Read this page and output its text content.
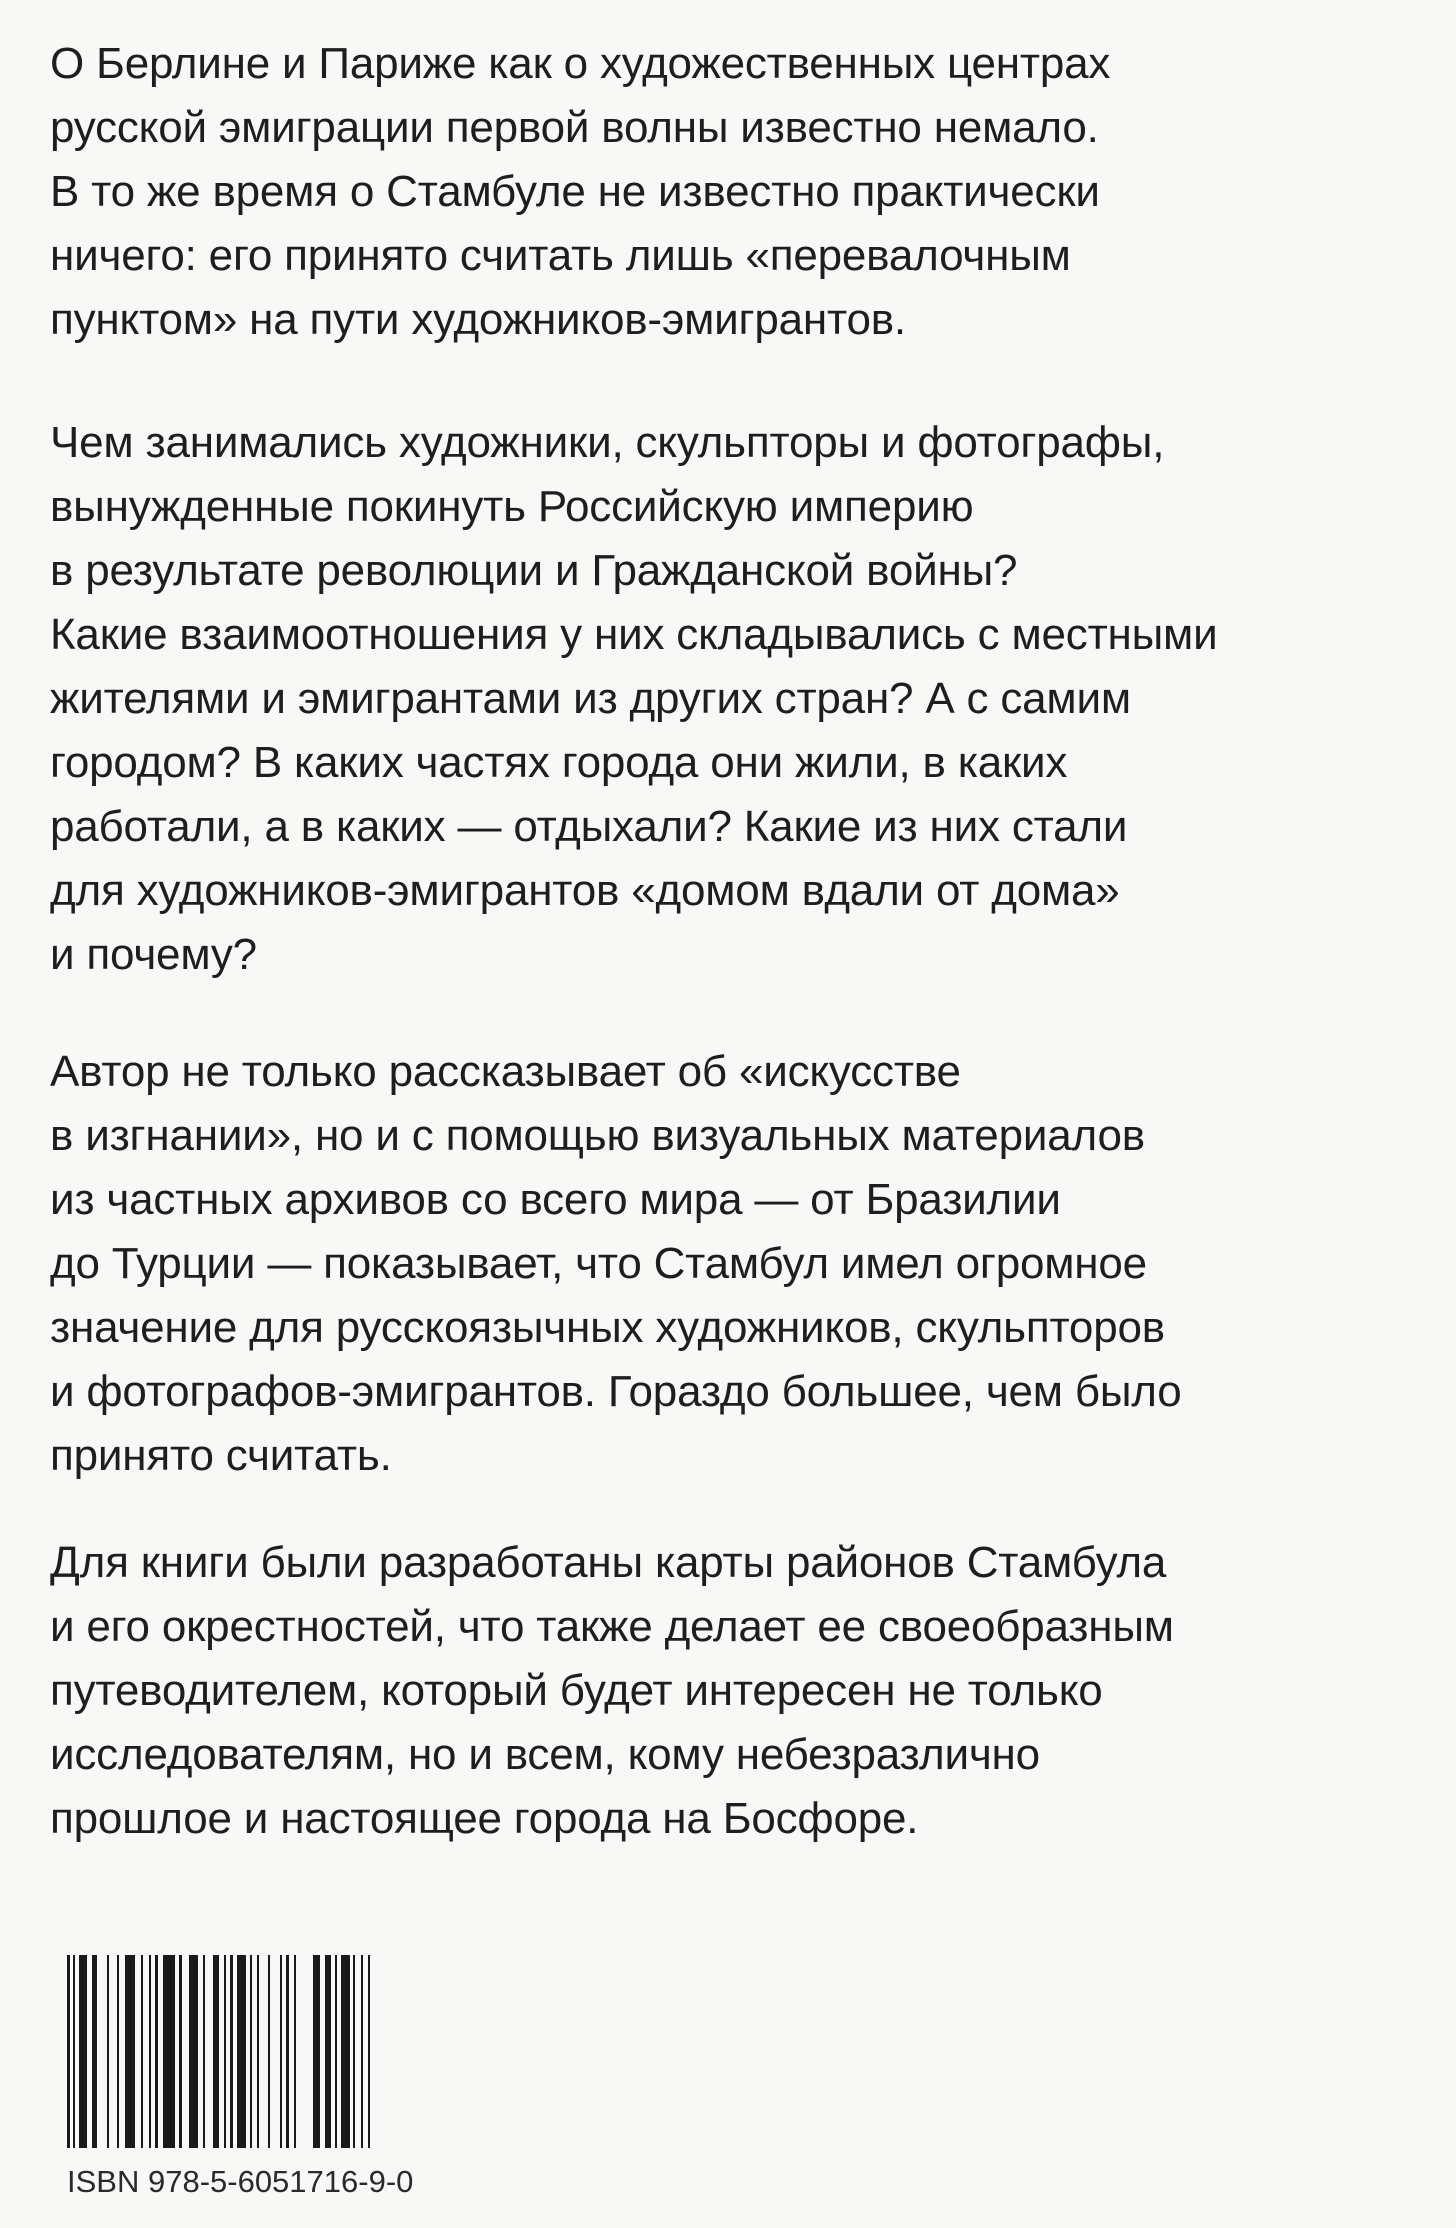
О Берлине и Париже как о художественных центрах
русской эмиграции первой волны известно немало.
В то же время о Стамбуле не известно практически
ничего: его принято считать лишь «перевалочным
пунктом» на пути художников-эмигрантов.
Чем занимались художники, скульпторы и фотографы,
вынужденные покинуть Российскую империю
в результате революции и Гражданской войны?
Какие взаимоотношения у них складывались с местными
жителями и эмигрантами из других стран? А с самим
городом? В каких частях города они жили, в каких
работали, а в каких — отдыхали? Какие из них стали
для художников-эмигрантов «домом вдали от дома»
и почему?
Автор не только рассказывает об «искусстве
в изгнании», но и с помощью визуальных материалов
из частных архивов со всего мира — от Бразилии
до Турции — показывает, что Стамбул имел огромное
значение для русскоязычных художников, скульпторов
и фотографов-эмигрантов. Гораздо большее, чем было
принято считать.
Для книги были разработаны карты районов Стамбула
и его окрестностей, что также делает ее своеобразным
путеводителем, который будет интересен не только
исследователям, но и всем, кому небезразлично
прошлое и настоящее города на Босфоре.
ISBN 978-5-6051716-9-0
